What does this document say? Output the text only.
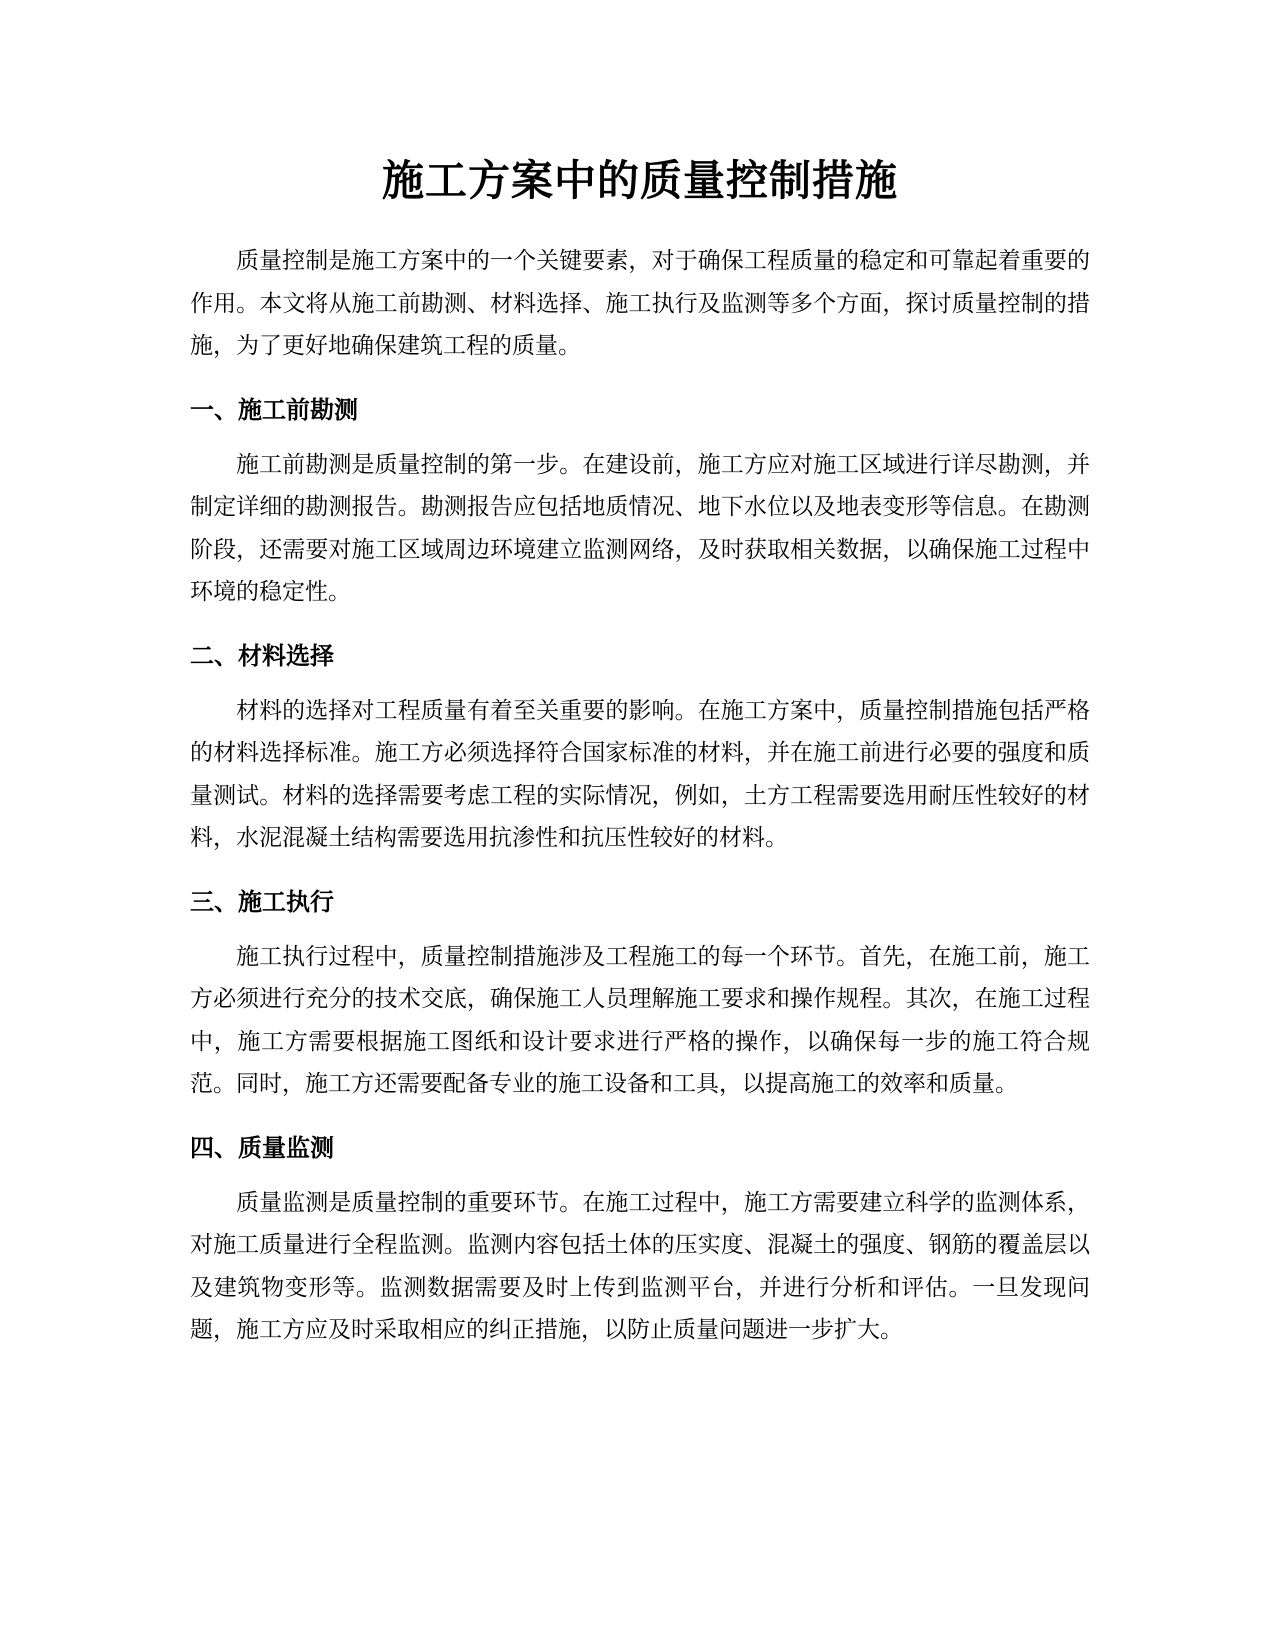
施工方案中的质量控制措施

质量控制是施工方案中的一个关键要素，对于确保工程质量的稳定和可靠起着重要的作用。本文将从施工前勘测、材料选择、施工执行及监测等多个方面，探讨质量控制的措施，为了更好地确保建筑工程的质量。

一、施工前勘测

施工前勘测是质量控制的第一步。在建设前，施工方应对施工区域进行详尽勘测，并制定详细的勘测报告。勘测报告应包括地质情况、地下水位以及地表变形等信息。在勘测阶段，还需要对施工区域周边环境建立监测网络，及时获取相关数据，以确保施工过程中环境的稳定性。

二、材料选择

材料的选择对工程质量有着至关重要的影响。在施工方案中，质量控制措施包括严格的材料选择标准。施工方必须选择符合国家标准的材料，并在施工前进行必要的强度和质量测试。材料的选择需要考虑工程的实际情况，例如，土方工程需要选用耐压性较好的材料，水泥混凝土结构需要选用抗渗性和抗压性较好的材料。

三、施工执行

施工执行过程中，质量控制措施涉及工程施工的每一个环节。首先，在施工前，施工方必须进行充分的技术交底，确保施工人员理解施工要求和操作规程。其次，在施工过程中，施工方需要根据施工图纸和设计要求进行严格的操作，以确保每一步的施工符合规范。同时，施工方还需要配备专业的施工设备和工具，以提高施工的效率和质量。

四、质量监测

质量监测是质量控制的重要环节。在施工过程中，施工方需要建立科学的监测体系，对施工质量进行全程监测。监测内容包括土体的压实度、混凝土的强度、钢筋的覆盖层以及建筑物变形等。监测数据需要及时上传到监测平台，并进行分析和评估。一旦发现问题，施工方应及时采取相应的纠正措施，以防止质量问题进一步扩大。
